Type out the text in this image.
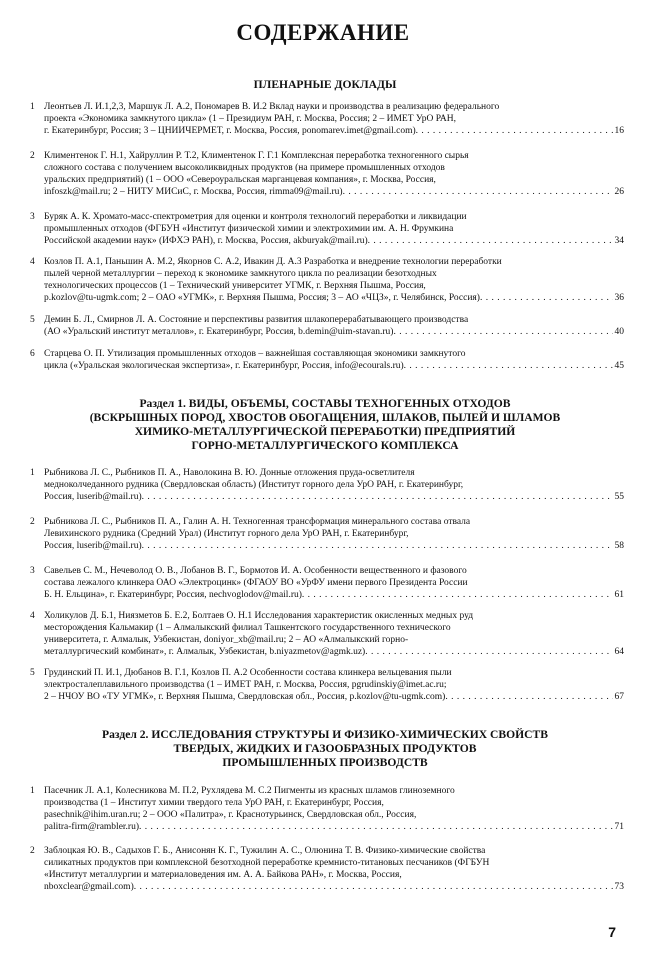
СОДЕРЖАНИЕ
ПЛЕНАРНЫЕ ДОКЛАДЫ
1 Леонтьев Л. И.1,2,3, Маршук Л. А.2, Пономарев В. И.2 Вклад науки и производства в реализацию федерального
проекта «Экономика замкнутого цикла» (1 – Президиум РАН, г. Москва, Россия; 2 – ИМЕТ УрО РАН,
г. Екатеринбург, Россия; 3 – ЦНИИЧЕРМЕТ, г. Москва, Россия, ponomarev.imet@gmail.com) . . .	16
2 Климентенок Г. Н.1, Хайруллин Р. Т.2, Климентенок Г. Г.1 Комплексная переработка техногенного сырья
сложного состава с получением высоколиквидных продуктов (на примере промышленных отходов
уральских предприятий) (1 – ООО «Североуральская марганцевая компания», г. Москва, Россия,
infoszk@mail.ru; 2 – НИТУ МИСиС, г. Москва, Россия, rimma09@mail.ru) . . .	26
3 Буряк А. К. Хромато-масс-спектрометрия для оценки и контроля технологий переработки и ликвидации
промышленных отходов (ФГБУН «Институт физической химии и электрохимии им. А. Н. Фрумкина
Российской академии наук» (ИФХЭ РАН), г. Москва, Россия, akburyak@mail.ru) . . .	34
4 Козлов П. А.1, Паньшин А. М.2, Якорнов С. А.2, Ивакин Д. А.3 Разработка и внедрение технологии переработки
пылей черной металлургии – переход к экономике замкнутого цикла по реализации безотходных
технологических процессов (1 – Технический университет УГМК, г. Верхняя Пышма, Россия,
p.kozlov@tu-ugmk.com; 2 – ОАО «УГМК», г. Верхняя Пышма, Россия; 3 – АО «ЧЦЗ», г. Челябинск, Россия) . . .	36
5 Демин Б. Л., Смирнов Л. А. Состояние и перспективы развития шлакоперерабатывающего производства
(АО «Уральский институт металлов», г. Екатеринбург, Россия, b.demin@uim-stavan.ru) . . .	40
6 Старцева О. П. Утилизация промышленных отходов – важнейшая составляющая экономики замкнутого
цикла («Уральская экологическая экспертиза», г. Екатеринбург, Россия, info@ecourals.ru) . . .	45
Раздел 1. ВИДЫ, ОБЪЕМЫ, СОСТАВЫ ТЕХНОГЕННЫХ ОТХОДОВ
(ВСКРЫШНЫХ ПОРОД, ХВОСТОВ ОБОГАЩЕНИЯ, ШЛАКОВ, ПЫЛЕЙ И ШЛАМОВ
ХИМИКО-МЕТАЛЛУРГИЧЕСКОЙ ПЕРЕРАБОТКИ) ПРЕДПРИЯТИЙ
ГОРНО-МЕТАЛЛУРГИЧЕСКОГО КОМПЛЕКСА
1 Рыбникова Л. С., Рыбников П. А., Наволокина В. Ю. Донные отложения пруда-осветлителя
медноколчеданного рудника (Свердловская область) (Институт горного дела УрО РАН, г. Екатеринбург,
Россия, luserib@mail.ru) . . .	55
2 Рыбникова Л. С., Рыбников П. А., Галин А. Н. Техногенная трансформация минерального состава отвала
Левихинского рудника (Средний Урал) (Институт горного дела УрО РАН, г. Екатеринбург,
Россия, luserib@mail.ru) . . .	58
3 Савельев С. М., Нечеволод О. В., Лобанов В. Г., Бормотов И. А. Особенности вещественного и фазового
состава лежалого клинкера ОАО «Электроцинк» (ФГАОУ ВО «УрФУ имени первого Президента России
Б. Н. Ельцина», г. Екатеринбург, Россия, nechvoglodov@mail.ru) . . .	61
4 Холикулов Д. Б.1, Ниязметов Б. Е.2, Болтаев О. Н.1 Исследования характеристик окисленных медных руд
месторождения Кальмакир (1 – Алмалыкский филиал Ташкентского государственного технического
университета, г. Алмалык, Узбекистан, doniyor_xb@mail.ru; 2 – АО «Алмалыкский горно-
металлургический комбинат», г. Алмалык, Узбекистан, b.niyazmetov@agmk.uz) . . .	64
5 Грудинский П. И.1, Дюбанов В. Г.1, Козлов П. А.2 Особенности состава клинкера вельцевания пыли
электросталеплавильного производства (1 – ИМЕТ РАН, г. Москва, Россия, pgrudinskiy@imet.ac.ru;
2 – НЧОУ ВО «ТУ УГМК», г. Верхняя Пышма, Свердловская обл., Россия, p.kozlov@tu-ugmk.com) . . .	67
Раздел 2. ИССЛЕДОВАНИЯ СТРУКТУРЫ И ФИЗИКО-ХИМИЧЕСКИХ СВОЙСТВ
ТВЕРДЫХ, ЖИДКИХ И ГАЗООБРАЗНЫХ ПРОДУКТОВ
ПРОМЫШЛЕННЫХ ПРОИЗВОДСТВ
1 Пасечник Л. А.1, Колесникова М. П.2, Рухлядева М. С.2 Пигменты из красных шламов глиноземного
производства (1 – Институт химии твердого тела УрО РАН, г. Екатеринбург, Россия,
pasechnik@ihim.uran.ru; 2 – ООО «Палитра», г. Краснотурьинск, Свердловская обл., Россия,
palitra-firm@rambler.ru) . . .	71
2 Заблоцкая Ю. В., Садыхов Г. Б., Анисонян К. Г., Тужилин А. С., Олюнина Т. В. Физико-химические свойства
силикатных продуктов при комплексной безотходной переработке кремнисто-титановых песчаников (ФГБУН
«Институт металлургии и материаловедения им. А. А. Байкова РАН», г. Москва, Россия,
nboxclear@gmail.com) . . .	73
7
